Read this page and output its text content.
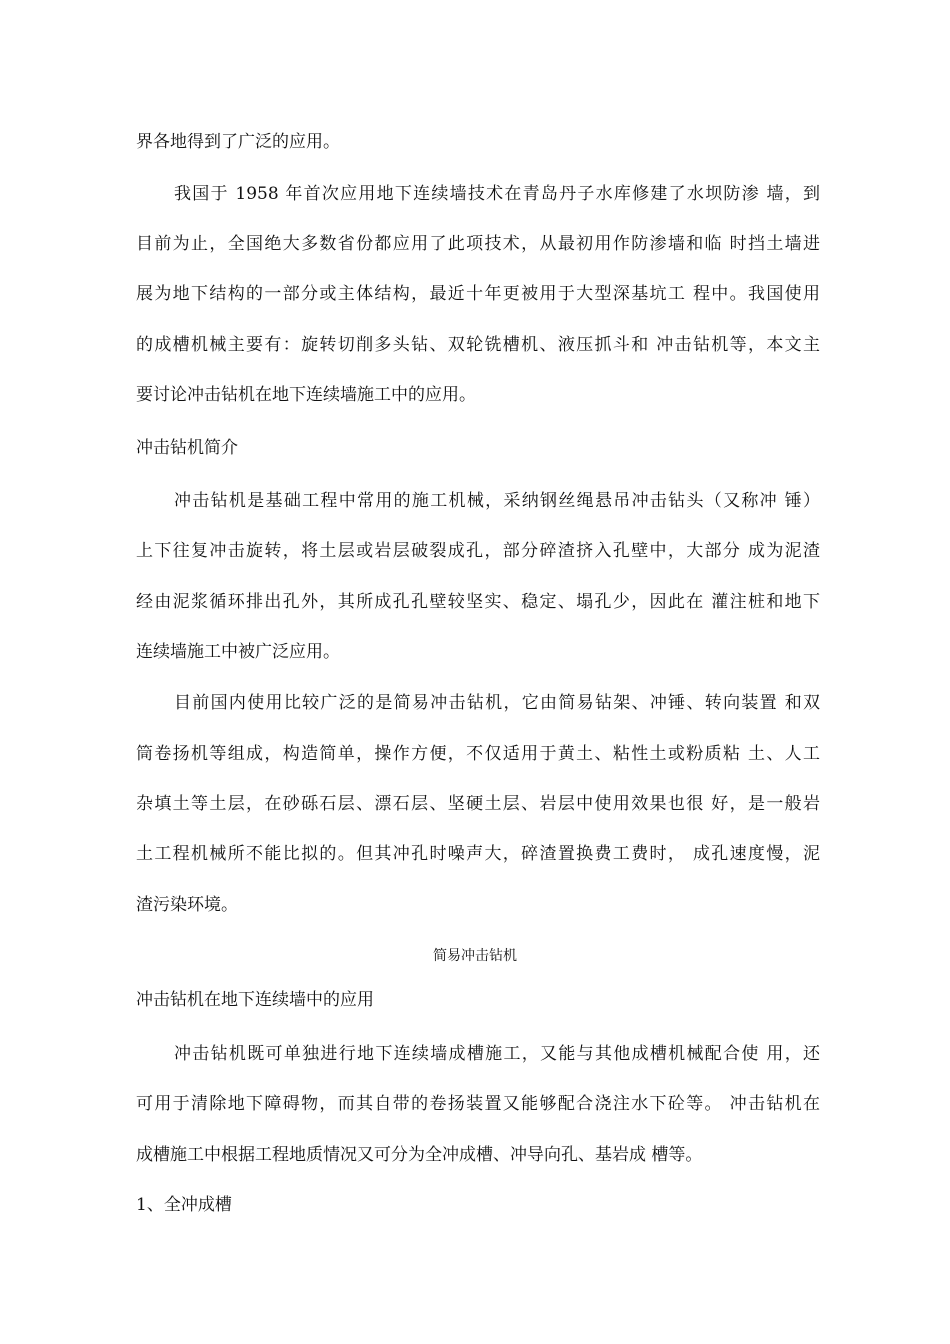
界各地得到了广泛的应用。
我国于 1958 年首次应用地下连续墙技术在青岛丹子水库修建了水坝防渗 墙，到
目前为止，全国绝大多数省份都应用了此项技术，从最初用作防渗墙和临 时挡土墙进
展为地下结构的一部分或主体结构，最近十年更被用于大型深基坑工 程中。我国使用
的成槽机械主要有：旋转切削多头钻、双轮铣槽机、液压抓斗和 冲击钻机等，本文主
要讨论冲击钻机在地下连续墙施工中的应用。
冲击钻机简介
冲击钻机是基础工程中常用的施工机械，采纳钢丝绳悬吊冲击钻头（又称冲 锤）
上下往复冲击旋转，将土层或岩层破裂成孔，部分碎渣挤入孔壁中，大部分 成为泥渣
经由泥浆循环排出孔外，其所成孔孔壁较坚实、稳定、塌孔少，因此在 灌注桩和地下
连续墙施工中被广泛应用。
目前国内使用比较广泛的是简易冲击钻机，它由简易钻架、冲锤、转向装置 和双
筒卷扬机等组成，构造简单，操作方便，不仅适用于黄土、粘性土或粉质粘 土、人工
杂填土等土层，在砂砾石层、漂石层、坚硬土层、岩层中使用效果也很 好，是一般岩
土工程机械所不能比拟的。但其冲孔时噪声大，碎渣置换费工费时， 成孔速度慢，泥
渣污染环境。
简易冲击钻机
冲击钻机在地下连续墙中的应用
冲击钻机既可单独进行地下连续墙成槽施工，又能与其他成槽机械配合使 用，还
可用于清除地下障碍物，而其自带的卷扬装置又能够配合浇注水下砼等。 冲击钻机在
成槽施工中根据工程地质情况又可分为全冲成槽、冲导向孔、基岩成 槽等。
1、全冲成槽
